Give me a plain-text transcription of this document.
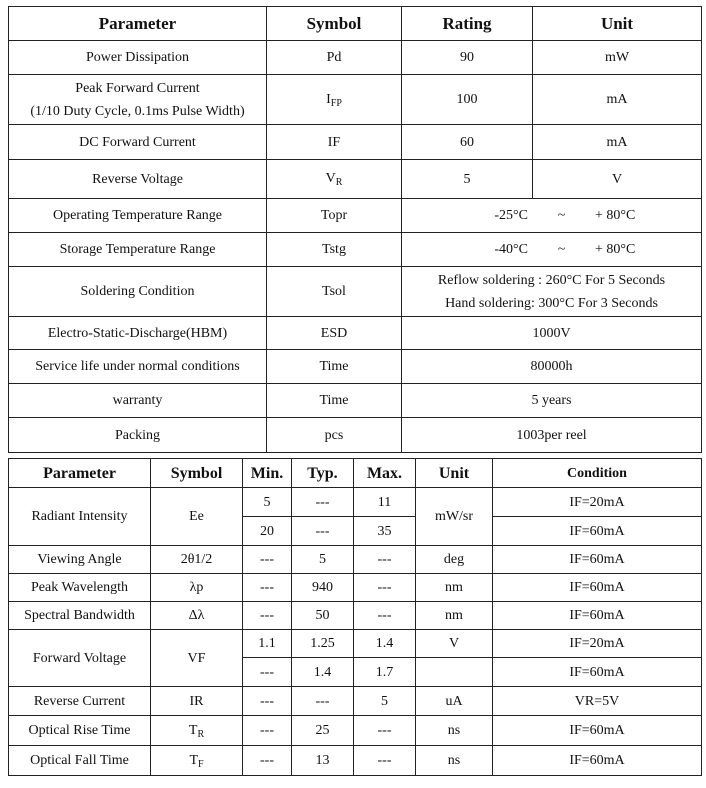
Parameter	Symbol	Rating	Unit
Power Dissipation	Pd	90	mW

Peak Forward Current
(1/10 Duty Cycle, 0.1ms Pulse Width)	$I_{FP}$	100	mA
DC Forward Current	IF	60	mA
Reverse Voltage	$V_R$	5	V
Operating Temperature Range	Topr	-25°C ~ + 80°C	
Storage Temperature Range	Tstg	-40°C ~ + 80°C	
Soldering Condition	Tsol	Reflow soldering : 260°C For 5 Seconds
Hand soldering: 300°C For 3 Seconds	

Electro-Static-Discharge(HBM)	ESD	1000V	
Service life under normal conditions	Time	80000h	
warranty	Time	5 years	
Packing	pcs	1003per reel	
Parameter	Symbol	Min.	Typ.	Max.	Unit	Condition
Radiant Intensity	Ee	5	---	11	mW/sr	IF=20mA
		20	---	35		IF=60mA
Viewing Angle	2θ1/2	---	5	---	deg	IF=60mA
Peak Wavelength	λp	---	940	---	nm	IF=60mA
Spectral Bandwidth	Δλ	---	50	---	nm	IF=60mA
Forward Voltage	VF	1.1	1.25	1.4	V	IF=20mA
		---	1.4	1.7		IF=60mA
Reverse Current	IR	---	---	5	uA	VR=5V
Optical Rise Time	$T_R$	---	25	---	ns	IF=60mA
Optical Fall Time	$T_F$	---	13	---	ns	IF=60mA
